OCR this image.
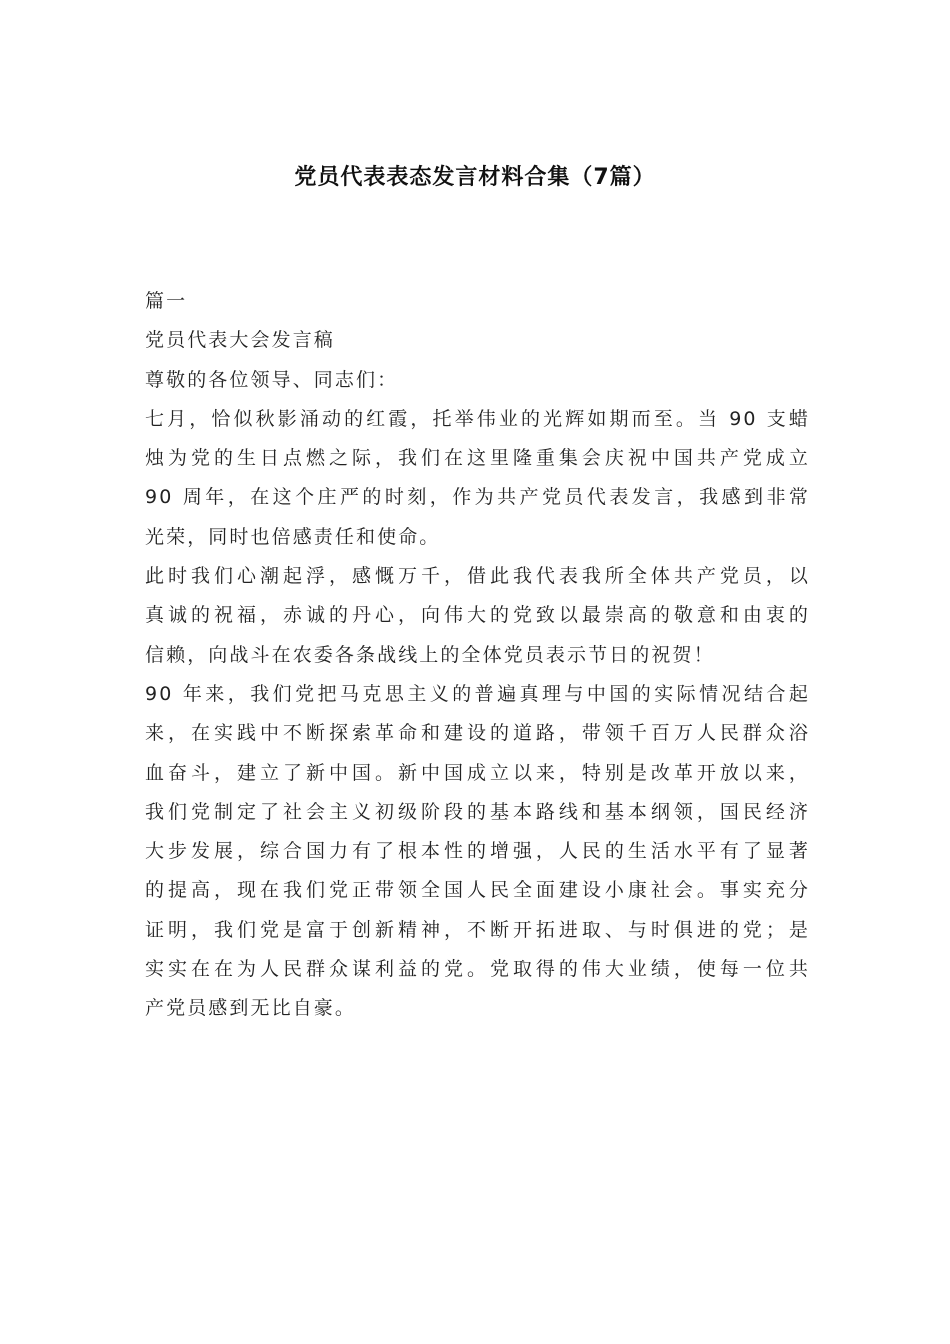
党员代表表态发言材料合集（7篇）
篇一
党员代表大会发言稿
尊敬的各位领导、同志们：
七月，恰似秋影涌动的红霞，托举伟业的光辉如期而至。当 90 支蜡
烛为党的生日点燃之际，我们在这里隆重集会庆祝中国共产党成立
90 周年，在这个庄严的时刻，作为共产党员代表发言，我感到非常
光荣，同时也倍感责任和使命。
此时我们心潮起浮，感慨万千，借此我代表我所全体共产党员，以
真诚的祝福，赤诚的丹心，向伟大的党致以最崇高的敬意和由衷的
信赖，向战斗在农委各条战线上的全体党员表示节日的祝贺！
90 年来，我们党把马克思主义的普遍真理与中国的实际情况结合起
来，在实践中不断探索革命和建设的道路，带领千百万人民群众浴
血奋斗，建立了新中国。新中国成立以来，特别是改革开放以来，
我们党制定了社会主义初级阶段的基本路线和基本纲领，国民经济
大步发展，综合国力有了根本性的增强，人民的生活水平有了显著
的提高，现在我们党正带领全国人民全面建设小康社会。事实充分
证明，我们党是富于创新精神，不断开拓进取、与时俱进的党；是
实实在在为人民群众谋利益的党。党取得的伟大业绩，使每一位共
产党员感到无比自豪。
